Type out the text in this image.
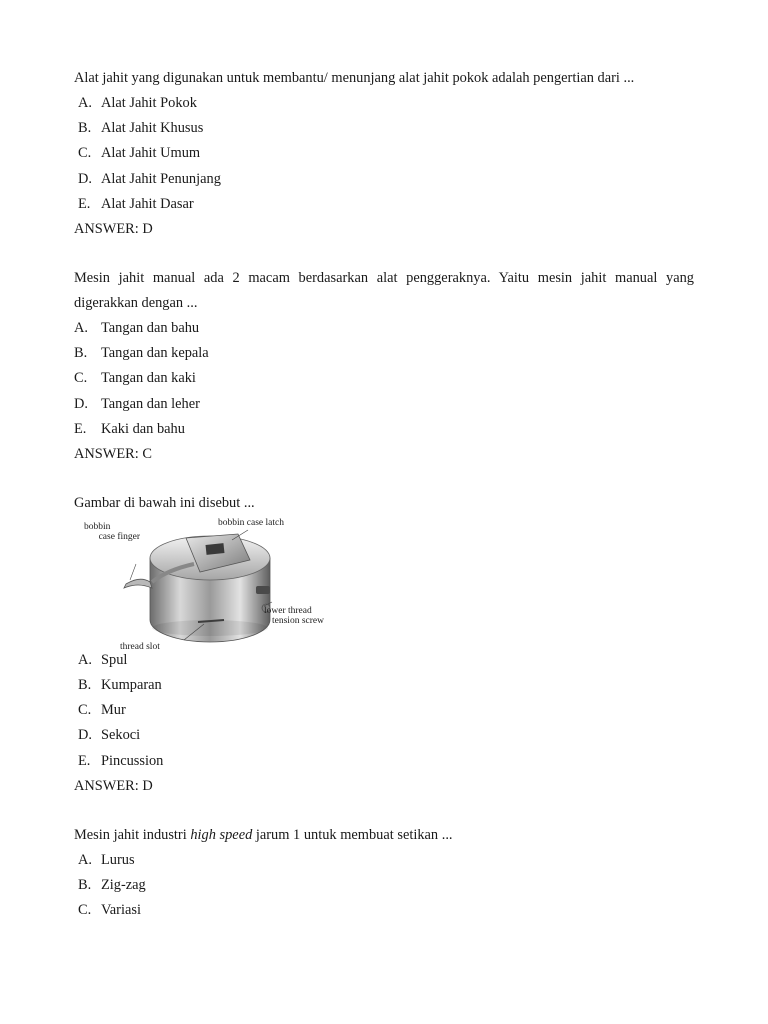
Alat jahit yang digunakan untuk membantu/ menunjang alat jahit pokok adalah pengertian dari ...

A. Alat Jahit Pokok
B. Alat Jahit Khusus
C. Alat Jahit Umum
D. Alat Jahit Penunjang
E. Alat Jahit Dasar

ANSWER: D

Mesin jahit manual ada 2 macam berdasarkan alat penggeraknya. Yaitu mesin jahit manual yang digerakkan dengan ...

A. Tangan dan bahu
B. Tangan dan kepala
C. Tangan dan kaki
D. Tangan dan leher
E.	Kaki dan bahu

ANSWER: C

Gambar di bawah ini disebut ...

bobbin
case finger
bobbin case latch
lower thread
tension screw
thread slot
A. Spul
B. Kumparan
C. Mur
D. Sekoci
E. Pincussion

ANSWER: D

Mesin jahit industri high speed jarum 1 untuk membuat setikan ...

A. Lurus
B. Zig-zag
C. Variasi
